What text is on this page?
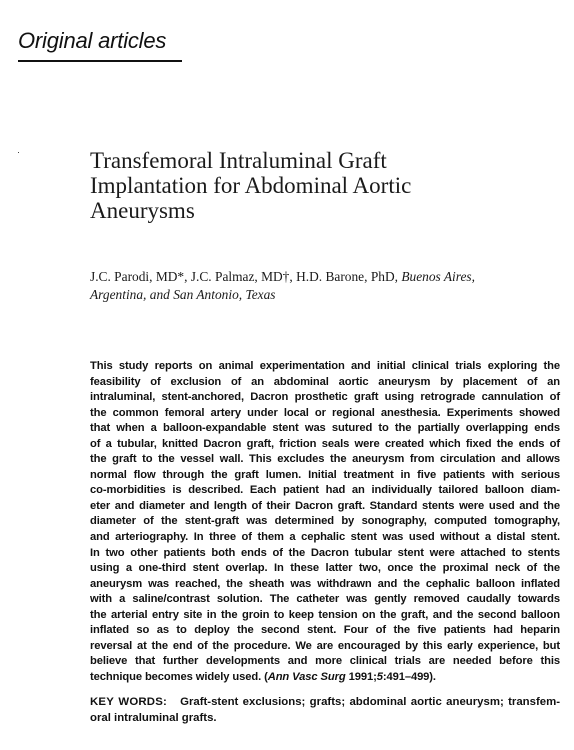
Original articles
Transfemoral Intraluminal Graft
Implantation for Abdominal Aortic
Aneurysms
J.C. Parodi, MD*, J.C. Palmaz, MD†, H.D. Barone, PhD, Buenos Aires,
Argentina, and San Antonio, Texas
This study reports on animal experimentation and initial clinical trials exploring the
feasibility of exclusion of an abdominal aortic aneurysm by placement of an
intraluminal, stent-anchored, Dacron prosthetic graft using retrograde cannulation of
the common femoral artery under local or regional anesthesia. Experiments showed
that when a balloon-expandable stent was sutured to the partially overlapping ends
of a tubular, knitted Dacron graft, friction seals were created which fixed the ends of
the graft to the vessel wall. This excludes the aneurysm from circulation and allows
normal flow through the graft lumen. Initial treatment in five patients with serious
co-morbidities is described. Each patient had an individually tailored balloon diam-
eter and diameter and length of their Dacron graft. Standard stents were used and the
diameter of the stent-graft was determined by sonography, computed tomography,
and arteriography. In three of them a cephalic stent was used without a distal stent.
In two other patients both ends of the Dacron tubular stent were attached to stents
using a one-third stent overlap. In these latter two, once the proximal neck of the
aneurysm was reached, the sheath was withdrawn and the cephalic balloon inflated
with a saline/contrast solution. The catheter was gently removed caudally towards
the arterial entry site in the groin to keep tension on the graft, and the second balloon
inflated so as to deploy the second stent. Four of the five patients had heparin
reversal at the end of the procedure. We are encouraged by this early experience, but
believe that further developments and more clinical trials are needed before this
technique becomes widely used. (Ann Vasc Surg 1991;5:491–499).
KEY WORDS: Graft-stent exclusions; grafts; abdominal aortic aneurysm; transfem-
oral intraluminal grafts.
